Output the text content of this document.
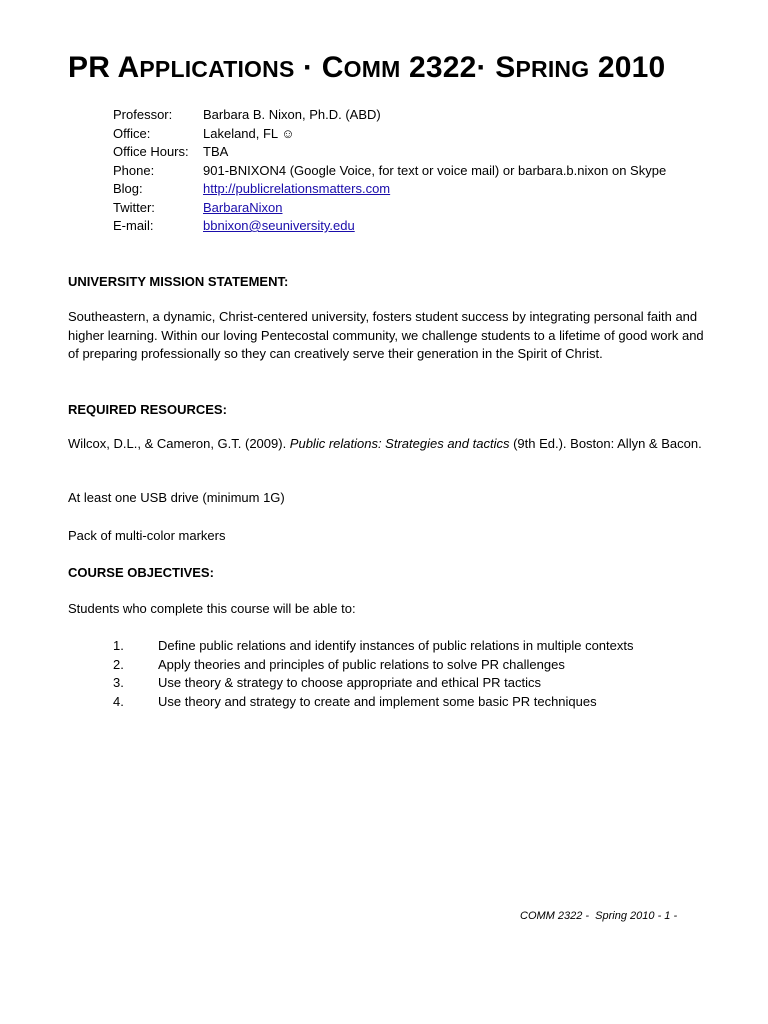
PR APPLICATIONS · COMM 2322· SPRING 2010
Professor:	Barbara B. Nixon, Ph.D. (ABD)
Office:	Lakeland, FL ☺
Office Hours:	TBA
Phone:	901-BNIXON4 (Google Voice, for text or voice mail) or barbara.b.nixon on Skype
Blog:	http://publicrelationsmatters.com
Twitter:	BarbaraNixon
E-mail:	bbnixon@seuniversity.edu
UNIVERSITY MISSION STATEMENT:
Southeastern, a dynamic, Christ-centered university, fosters student success by integrating personal faith and higher learning. Within our loving Pentecostal community, we challenge students to a lifetime of good work and of preparing professionally so they can creatively serve their generation in the Spirit of Christ.
REQUIRED RESOURCES:
Wilcox, D.L., & Cameron, G.T. (2009). Public relations: Strategies and tactics (9th Ed.). Boston: Allyn & Bacon.
At least one USB drive (minimum 1G)
Pack of multi-color markers
COURSE OBJECTIVES:
Students who complete this course will be able to:
1.	Define public relations and identify instances of public relations in multiple contexts
2.	Apply theories and principles of public relations to solve PR challenges
3.	Use theory & strategy to choose appropriate and ethical PR tactics
4.	Use theory and strategy to create and implement some basic PR techniques
COMM 2322 -  Spring 2010 - 1 -
